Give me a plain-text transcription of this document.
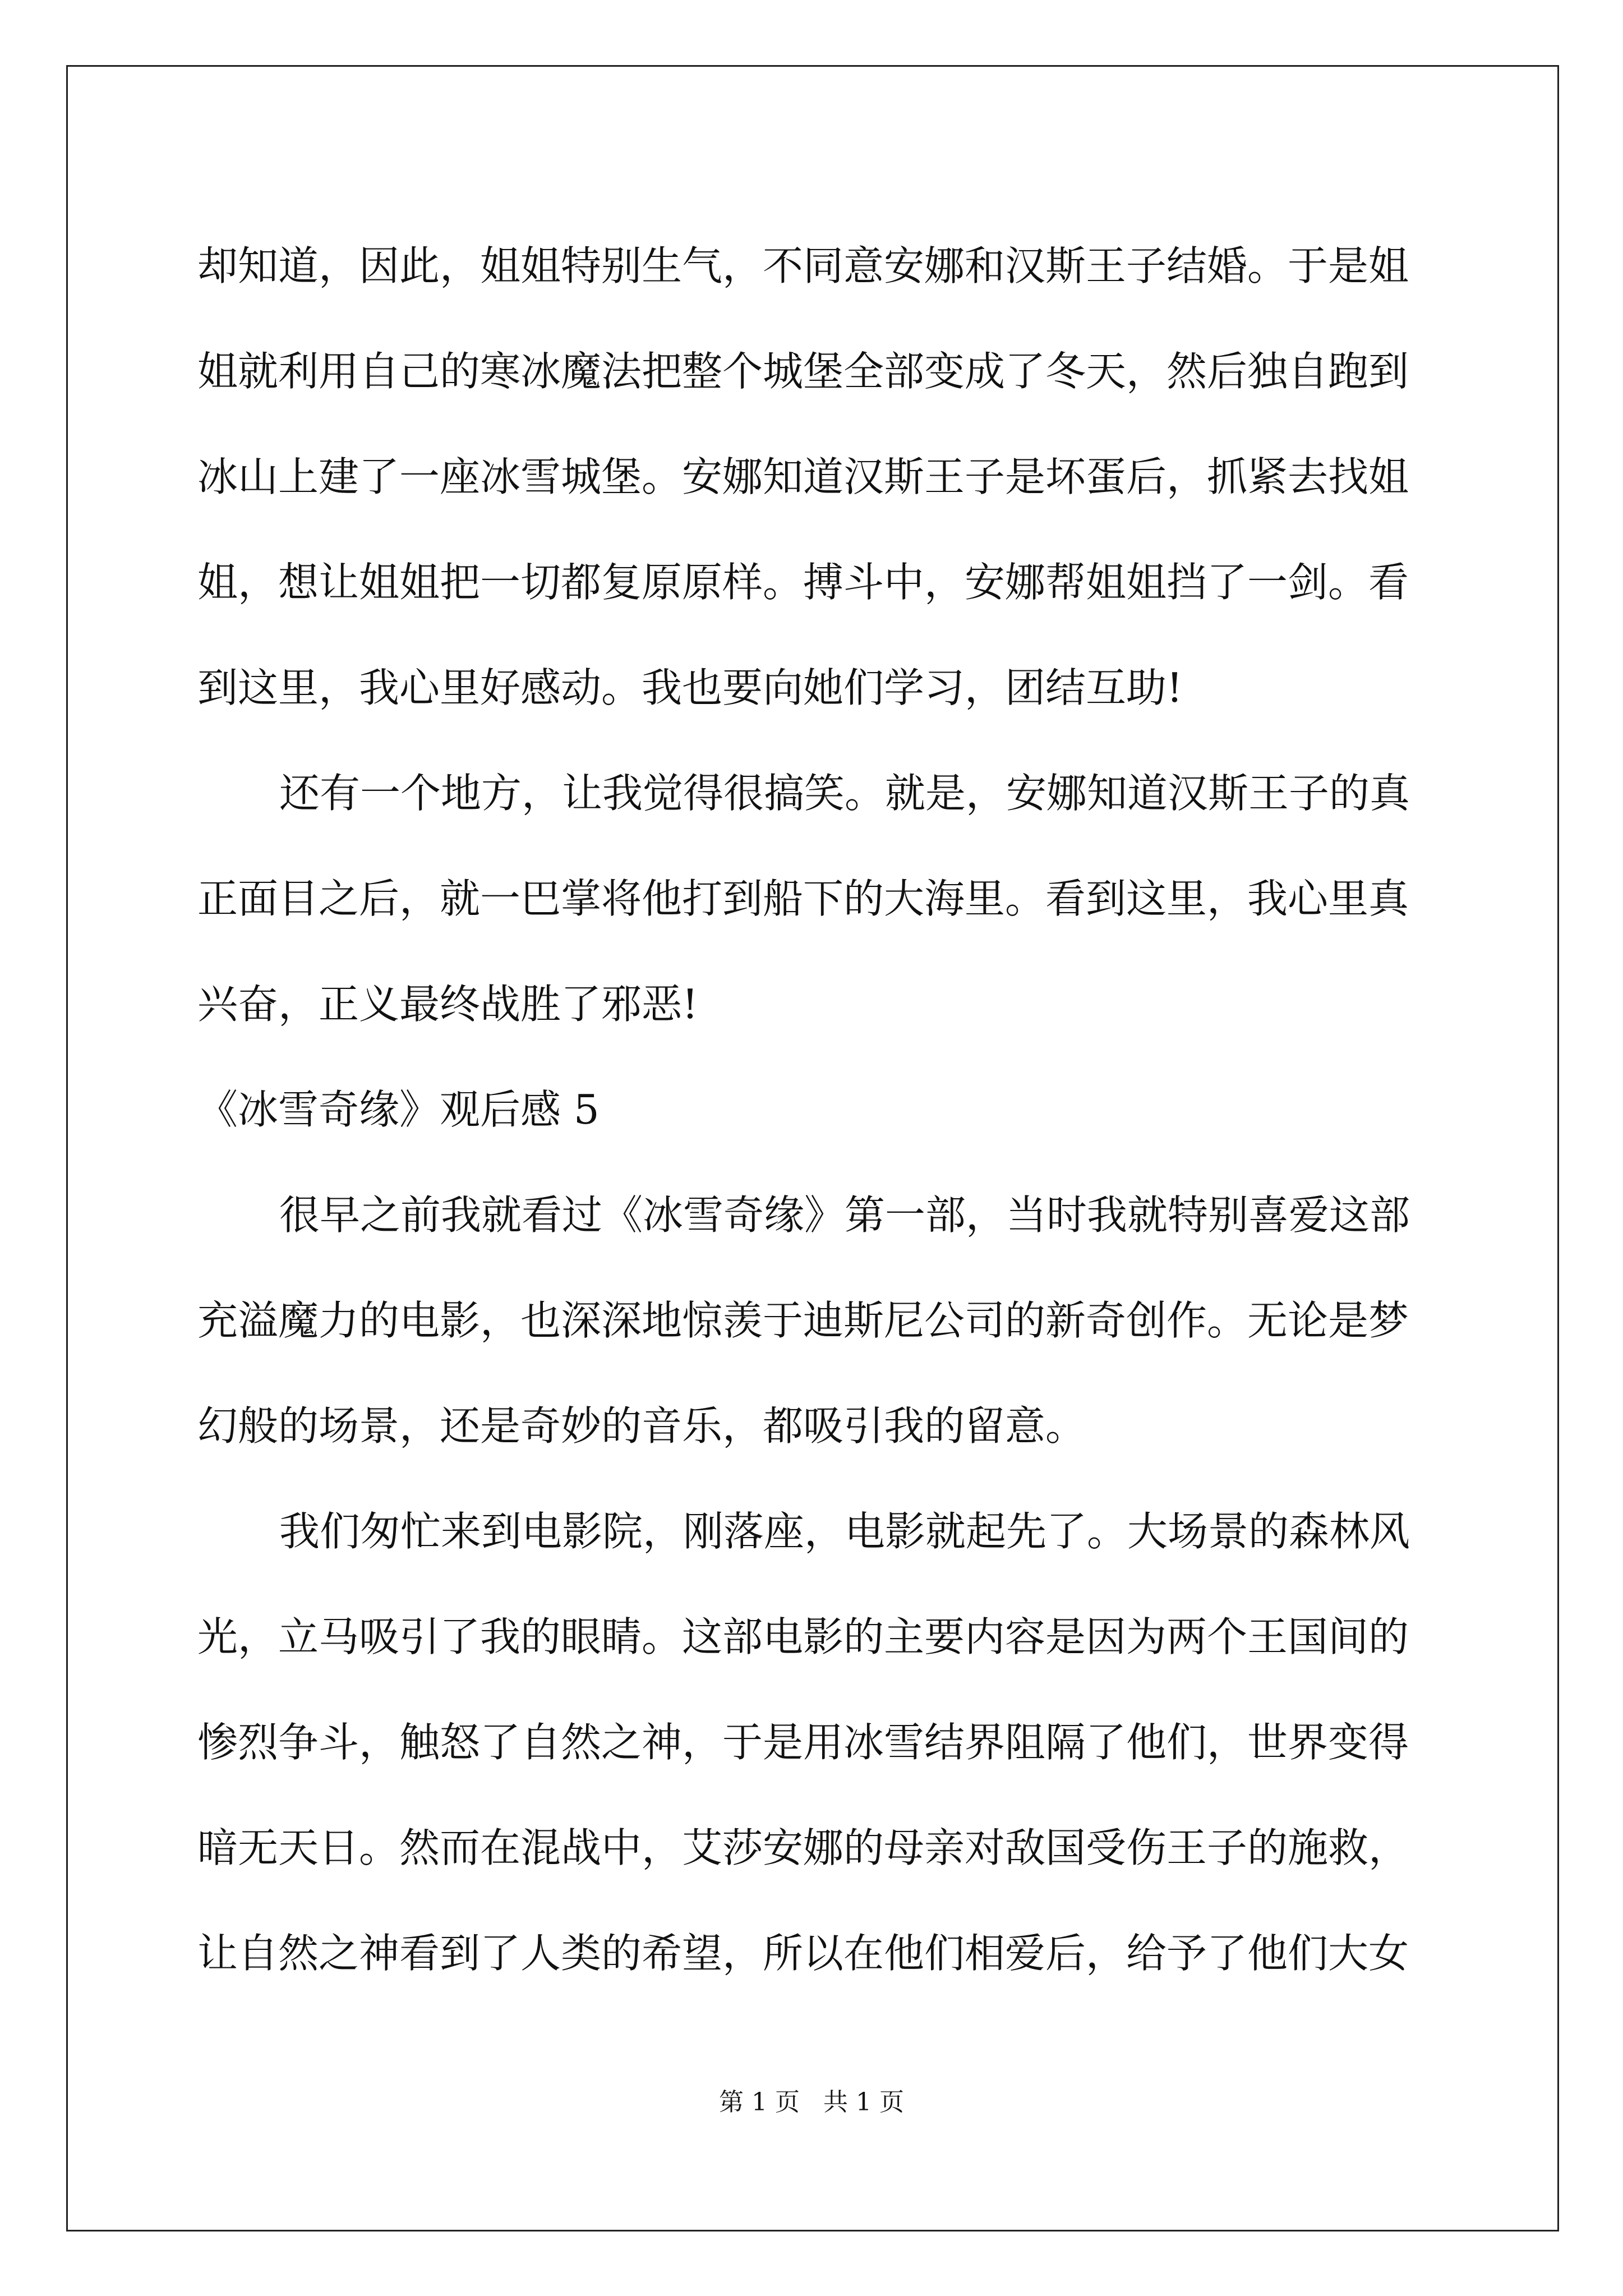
却知道，因此，姐姐特别生气，不同意安娜和汉斯王子结婚。于是姐
姐就利用自己的寒冰魔法把整个城堡全部变成了冬天，然后独自跑到
冰山上建了一座冰雪城堡。安娜知道汉斯王子是坏蛋后，抓紧去找姐
姐，想让姐姐把一切都复原原样。搏斗中，安娜帮姐姐挡了一剑。看
到这里，我心里好感动。我也要向她们学习，团结互助!
还有一个地方，让我觉得很搞笑。就是，安娜知道汉斯王子的真
正面目之后，就一巴掌将他打到船下的大海里。看到这里，我心里真
兴奋，正义最终战胜了邪恶!
《冰雪奇缘》观后感 5
很早之前我就看过《冰雪奇缘》第一部，当时我就特别喜爱这部
充溢魔力的电影，也深深地惊羡于迪斯尼公司的新奇创作。无论是梦
幻般的场景，还是奇妙的音乐，都吸引我的留意。
我们匆忙来到电影院，刚落座，电影就起先了。大场景的森林风
光，立马吸引了我的眼睛。这部电影的主要内容是因为两个王国间的
惨烈争斗，触怒了自然之神，于是用冰雪结界阻隔了他们，世界变得
暗无天日。然而在混战中，艾莎安娜的母亲对敌国受伤王子的施救，
让自然之神看到了人类的希望，所以在他们相爱后，给予了他们大女
第 1 页 共 1 页
